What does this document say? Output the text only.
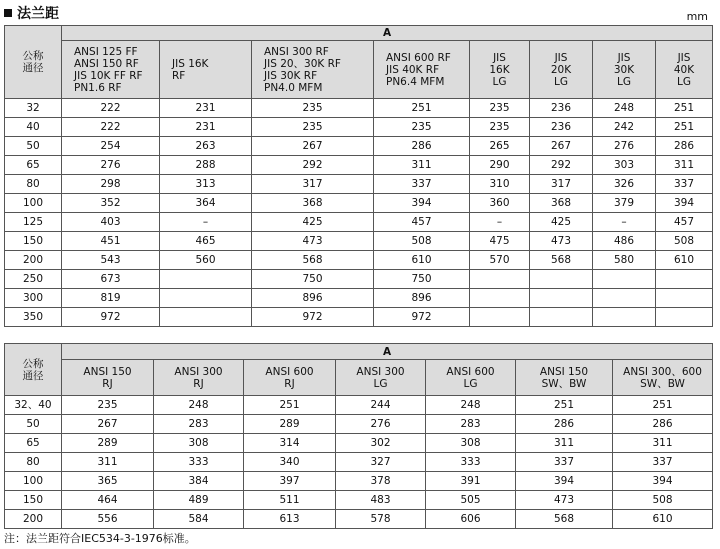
法兰距	mm
公称
通径	A							
	ANSI 125 FF
ANSI 150 RF
JIS 10K FF RF
PN1.6 RF	JIS 16K
RF	ANSI 300 RF
JIS 20、30K RF
JIS 30K RF
PN4.0 MFM	ANSI 600 RF
JIS 40K RF
PN6.4 MFM	JIS
16K
LG	JIS
20K
LG	JIS
30K
LG	JIS
40K
LG
32	222	231	235	251	235	236	248	251
40	222	231	235	235	235	236	242	251
50	254	263	267	286	265	267	276	286
65	276	288	292	311	290	292	303	311
80	298	313	317	337	310	317	326	337
100	352	364	368	394	360	368	379	394
125	403	–	425	457	–	425	–	457
150	451	465	473	508	475	473	486	508
200	543	560	568	610	570	568	580	610
250	673		750	750				
300	819		896	896				
350	972		972	972				
公称
通径	A						
	ANSI 150
RJ	ANSI 300
RJ	ANSI 600
RJ	ANSI 300
LG	ANSI 600
LG	ANSI 150
SW、BW	ANSI 300、600
SW、BW
32、40	235	248	251	244	248	251	251
50	267	283	289	276	283	286	286
65	289	308	314	302	308	311	311
80	311	333	340	327	333	337	337
100	365	384	397	378	391	394	394
150	464	489	511	483	505	473	508
200	556	584	613	578	606	568	610
注：法兰距符合IEC534-3-1976标准。
